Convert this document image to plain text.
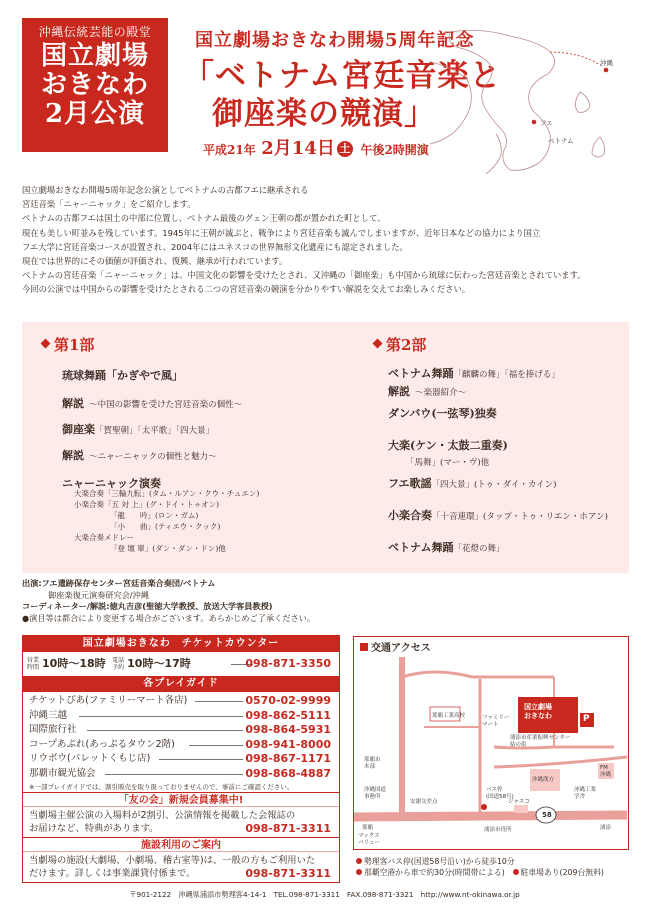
沖縄伝統芸能の殿堂
国立劇場
おきなわ
2月公演
国立劇場おきなわ開場5周年記念
「ベトナム宮廷音楽と
御座楽の競演」
平成21年 2月14日 土 午後2時開演
沖縄
フエ
ベトナム
国立劇場おきなわ開場5周年記念公演としてベトナムの古都フエに継承される
宮廷音楽「ニャーニャック」をご紹介します。
ベトナムの古都フエは国土の中部に位置し、ベトナム最後のグェン王朝の都が置かれた町として、
現在も美しい町並みを残しています。1945年に王朝が滅ぶと、戦争により宮廷音楽も滅んでしまいますが、近年日本などの協力により国立
フエ大学に宮廷音楽コースが設置され、2004年にはユネスコの世界無形文化遺産にも認定されました。
現在では世界的にその価値が評価され、復興、継承が行われています。
ベトナムの宮廷音楽「ニャーニャック」は、中国文化の影響を受けたとされ、又沖縄の「御座楽」も中国から琉球に伝わった宮廷音楽とされています。
今回の公演では中国からの影響を受けたとされる二つの宮廷音楽の競演を分かりやすい解説を交えてお楽しみください。
第1部
琉球舞踊「かぎやで風」
解説 〜中国の影響を受けた宮廷音楽の個性〜
御座楽「賀聖朝」「太平歌」「四大景」
解説 〜ニャーニャックの個性と魅力〜
ニャーニャック演奏
大楽合奏「三輪九転」(タム・ルアン・クウ・チュエン)
小楽合奏「五 対 上」(グ・ドイ・トゥオン)
「龍　　吟」(ロン・ガム)
「小　　曲」(ティエウ・クック)
大楽合奏メドレー
「登 壇 單」(ダン・ダン・ドン)他
第2部
ベトナム舞踊「麒麟の舞」「福を捧げる」
解説 〜楽器紹介〜
ダンバウ(一弦琴)独奏
大楽(ケン・太鼓二重奏)
「馬舞」(マー・ヴ)他
フエ歌謡「四大景」(トゥ・ダイ・カイン)
小楽合奏「十音連環」(タップ・トゥ・リエン・ホアン)
ベトナム舞踊「花燈の舞」
出演:フエ遺跡保存センター宮廷音楽合奏団/ベトナム
御座楽復元演奏研究会/沖縄
コーディネーター/解説:徳丸吉彦(聖徳大学教授、放送大学客員教授)
●演目等は都合により変更する場合がございます。あらかじめご了承ください。
国立劇場おきなわ　チケットカウンター
営業
時間 10時〜18時 電話
予約 10時〜17時	098-871-3350
各プレイガイド
チケットぴあ(ファミリーマート各店)	0570-02-9999
沖縄三越	098-862-5111
国際旅行社	098-864-5931
コープあぷれ(あっぷるタウン2階)	098-941-8000
リウボウ(パレットくもじ店)	098-867-1171
那覇市観光協会	098-868-4887
※一部プレイガイドでは、割引販売を取り扱っておりませんので、事前にご確認ください。
「友の会」新規会員募集中!
当劇場主催公演の入場料が2割引、公演情報を掲載した会報誌の
お届けなど、特典があります。	098-871-3311
施設利用のご案内
当劇場の施設(大劇場、小劇場、稽古室等)は、一般の方もご利用いた
だけます。詳しくは事業課貸付係まで。	098-871-3311
交通アクセス
国立劇場
おきなわ	P
浦添市産業振興センター
結の街
58
那覇	浦添
那覇工業高校
バス停
(国道58号)
ファミリー
マート
マックス
バリュー
沖縄漢方
FM
沖縄
安謝交差点
浦添市役所
沖縄工業
学舎
那覇市
本部
ジャスコ
沖縄国道
事務所
勢理客バス停(国道58号沿い)から徒歩10分
那覇空港から車で約30分(時間帯による)　 駐車場あり(209台無料)
〒901-2122　沖縄県浦添市勢理客4-14-1　TEL.098-871-3311　FAX.098-871-3321　http://www.nt-okinawa.or.jp
